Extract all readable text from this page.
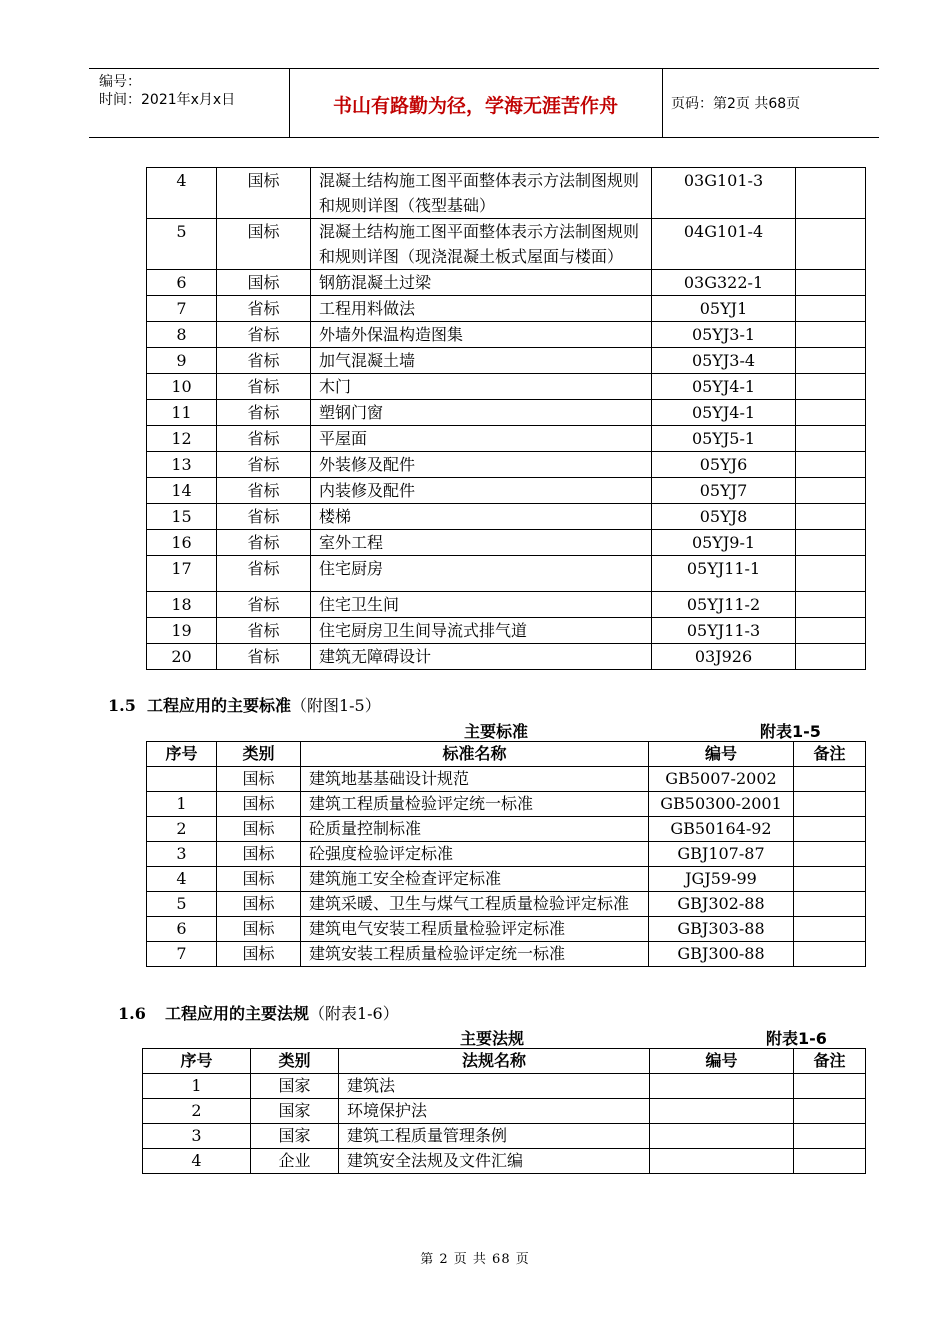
编号：
时间：2021年x月x日	书山有路勤为径，学海无涯苦作舟	页码：第2页 共68页
4	国标	混凝土结构施工图平面整体表示方法制图规则和规则详图（筏型基础）	03G101-3	
5	国标	混凝土结构施工图平面整体表示方法制图规则和规则详图（现浇混凝土板式屋面与楼面）	04G101-4	
6	国标	钢筋混凝土过梁	03G322-1	
7	省标	工程用料做法	05YJ1	
8	省标	外墙外保温构造图集	05YJ3-1	
9	省标	加气混凝土墙	05YJ3-4	
10	省标	木门	05YJ4-1	
11	省标	塑钢门窗	05YJ4-1	
12	省标	平屋面	05YJ5-1	
13	省标	外装修及配件	05YJ6	
14	省标	内装修及配件	05YJ7	
15	省标	楼梯	05YJ8	
16	省标	室外工程	05YJ9-1	
17	省标	住宅厨房	05YJ11-1	
18	省标	住宅卫生间	05YJ11-2	
19	省标	住宅厨房卫生间导流式排气道	05YJ11-3	
20	省标	建筑无障碍设计	03J926	
1.5 工程应用的主要标准（附图1-5）
主要标准	附表1-5
序号	类别	标准名称	编号	备注
	国标	建筑地基基础设计规范	GB5007-2002	
1	国标	建筑工程质量检验评定统一标准	GB50300-2001	
2	国标	砼质量控制标准	GB50164-92	
3	国标	砼强度检验评定标准	GBJ107-87	
4	国标	建筑施工安全检查评定标准	JGJ59-99	
5	国标	建筑采暖、卫生与煤气工程质量检验评定标准	GBJ302-88	
6	国标	建筑电气安装工程质量检验评定标准	GBJ303-88	
7	国标	建筑安装工程质量检验评定统一标准	GBJ300-88	
1.6 工程应用的主要法规（附表1-6）
主要法规	附表1-6
序号	类别	法规名称	编号	备注
1	国家	建筑法		
2	国家	环境保护法		
3	国家	建筑工程质量管理条例		
4	企业	建筑安全法规及文件汇编		
第 2 页 共 68 页
